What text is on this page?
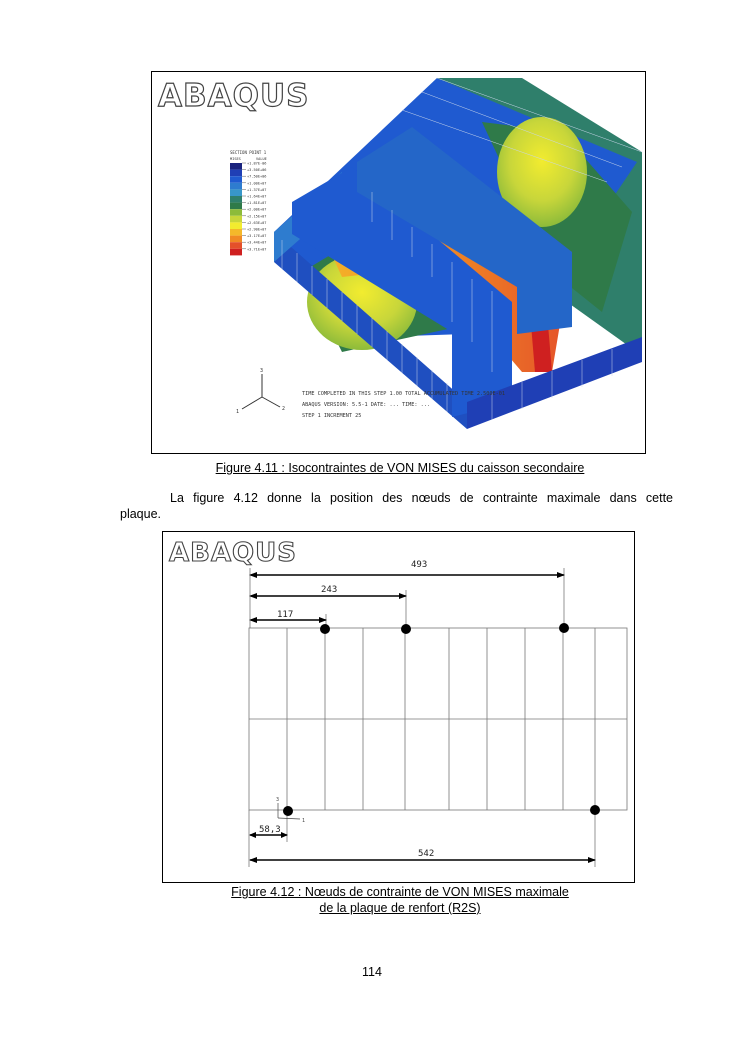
ABAQUS
SECTION POINT 1
MISES	VALUE
+1.87E-06
+3.50E+06
+7.50E+06
+1.00E+07
+1.37E+07
+1.64E+07
+1.81E+07
+2.00E+07
+2.15E+07
+2.63E+07
+2.90E+07
+3.17E+07
+3.44E+07
+3.71E+07
3
1	2
TIME COMPLETED IN THIS STEP 1.00 TOTAL ACCUMULATED TIME 2.500E-01
ABAQUS VERSION: 5.5-1 DATE: ... TIME: ...
STEP 1 INCREMENT 25
Figure 4.11 : Isocontraintes de VON MISES du caisson secondaire
La figure 4.12 donne la position des nœuds de contrainte maximale dans cette
plaque.
ABAQUS	493
243
117
58,3
542
3
1
Figure 4.12 : Nœuds de contrainte de VON MISES maximale
de la plaque de renfort (R2S)
114
